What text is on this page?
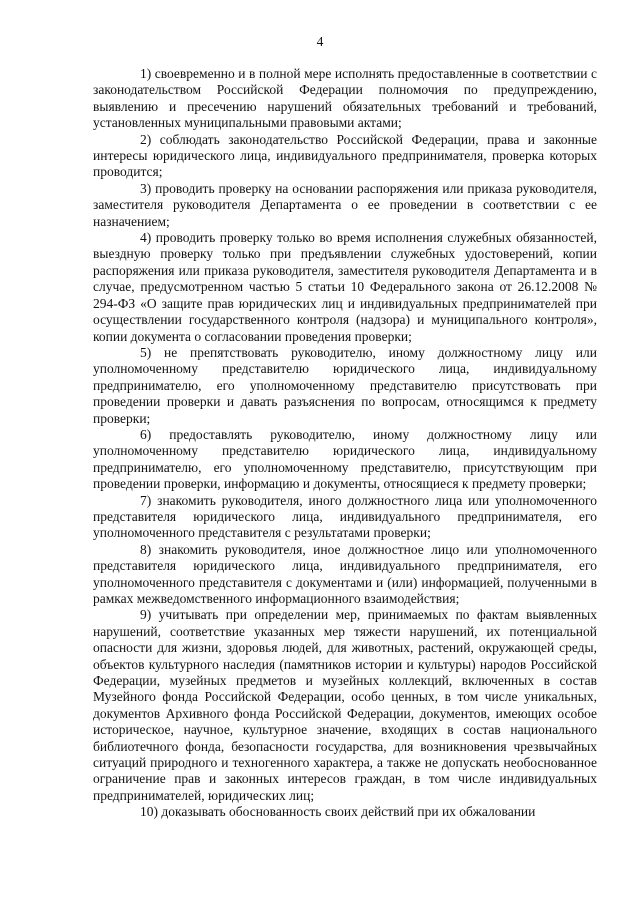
4

1) своевременно и в полной мере исполнять предоставленные в соответствии с законодательством Российской Федерации полномочия по предупреждению, выявлению и пресечению нарушений обязательных требований и требований, установленных муниципальными правовыми актами;

2) соблюдать законодательство Российской Федерации, права и законные интересы юридического лица, индивидуального предпринимателя, проверка которых проводится;

3) проводить проверку на основании распоряжения или приказа руководителя, заместителя руководителя Департамента о ее проведении в соответствии с ее назначением;

4) проводить проверку только во время исполнения служебных обязанностей, выездную проверку только при предъявлении служебных удостоверений, копии распоряжения или приказа руководителя, заместителя руководителя Департамента и в случае, предусмотренном частью 5 статьи 10 Федерального закона от 26.12.2008 № 294-ФЗ «О защите прав юридических лиц и индивидуальных предпринимателей при осуществлении государственного контроля (надзора) и муниципального контроля», копии документа о согласовании проведения проверки;

5) не препятствовать руководителю, иному должностному лицу или уполномоченному представителю юридического лица, индивидуальному предпринимателю, его уполномоченному представителю присутствовать при проведении проверки и давать разъяснения по вопросам, относящимся к предмету проверки;

6) предоставлять руководителю, иному должностному лицу или уполномоченному представителю юридического лица, индивидуальному предпринимателю, его уполномоченному представителю, присутствующим при проведении проверки, информацию и документы, относящиеся к предмету проверки;

7) знакомить руководителя, иного должностного лица или уполномоченного представителя юридического лица, индивидуального предпринимателя, его уполномоченного представителя с результатами проверки;

8) знакомить руководителя, иное должностное лицо или уполномоченного представителя юридического лица, индивидуального предпринимателя, его уполномоченного представителя с документами и (или) информацией, полученными в рамках межведомственного информационного взаимодействия;

9) учитывать при определении мер, принимаемых по фактам выявленных нарушений, соответствие указанных мер тяжести нарушений, их потенциальной опасности для жизни, здоровья людей, для животных, растений, окружающей среды, объектов культурного наследия (памятников истории и культуры) народов Российской Федерации, музейных предметов и музейных коллекций, включенных в состав Музейного фонда Российской Федерации, особо ценных, в том числе уникальных, документов Архивного фонда Российской Федерации, документов, имеющих особое историческое, научное, культурное значение, входящих в состав национального библиотечного фонда, безопасности государства, для возникновения чрезвычайных ситуаций природного и техногенного характера, а также не допускать необоснованное ограничение прав и законных интересов граждан, в том числе индивидуальных предпринимателей, юридических лиц;

10) доказывать обоснованность своих действий при их обжаловании
